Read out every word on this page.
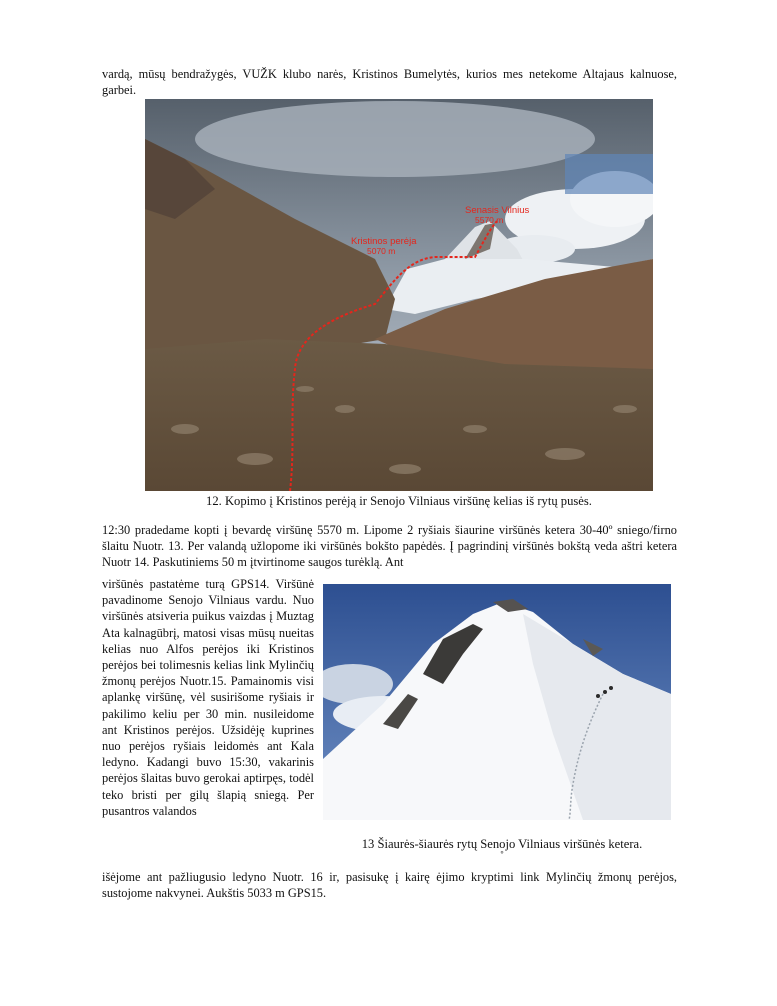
vardą, mūsų bendražygės, VUŽK klubo narės, Kristinos Bumelytės, kurios mes netekome Altajaus kalnuose, garbei.
Senasis Vilnius
5570 m
Kristinos perėja
5070 m
12. Kopimo į Kristinos perėją ir Senojo Vilniaus viršūnę kelias iš rytų pusės.
12:30 pradedame kopti į bevardę viršūnę 5570 m. Lipome 2 ryšiais šiaurine viršūnės ketera 30-40º sniego/firno šlaitu Nuotr. 13. Per valandą užlopome iki viršūnės bokšto papėdės. Į pagrindinį viršūnės bokštą veda aštri ketera Nuotr 14. Paskutiniems 50 m įtvirtinome saugos turėklą. Ant
viršūnės pastatėme turą GPS14. Viršūnė pavadinome Senojo Vilniaus vardu. Nuo viršūnės atsiveria puikus vaizdas į Muztag Ata kalnagūbrį, matosi visas mūsų nueitas kelias nuo Alfos perėjos iki Kristinos perėjos bei tolimesnis kelias link Mylinčių žmonų perėjos Nuotr.15. Pamainomis visi aplankę viršūnę, vėl susirišome ryšiais ir pakilimo keliu per 30 min. nusileidome ant Kristinos perėjos. Užsidėję kuprines nuo perėjos ryšiais leidomės ant Kala ledyno. Kadangi buvo 15:30, vakarinis perėjos šlaitas buvo gerokai aptirpęs, todėl teko bristi per gilų šlapią sniegą. Per pusantros valandos
13 Šiaurės-šiaurės rytų Senojo Vilniaus viršūnės ketera.
º
išėjome ant pažliugusio ledyno Nuotr. 16 ir, pasisukę į kairę ėjimo kryptimi link Mylinčių žmonų perėjos, sustojome nakvynei. Aukštis 5033 m GPS15.
